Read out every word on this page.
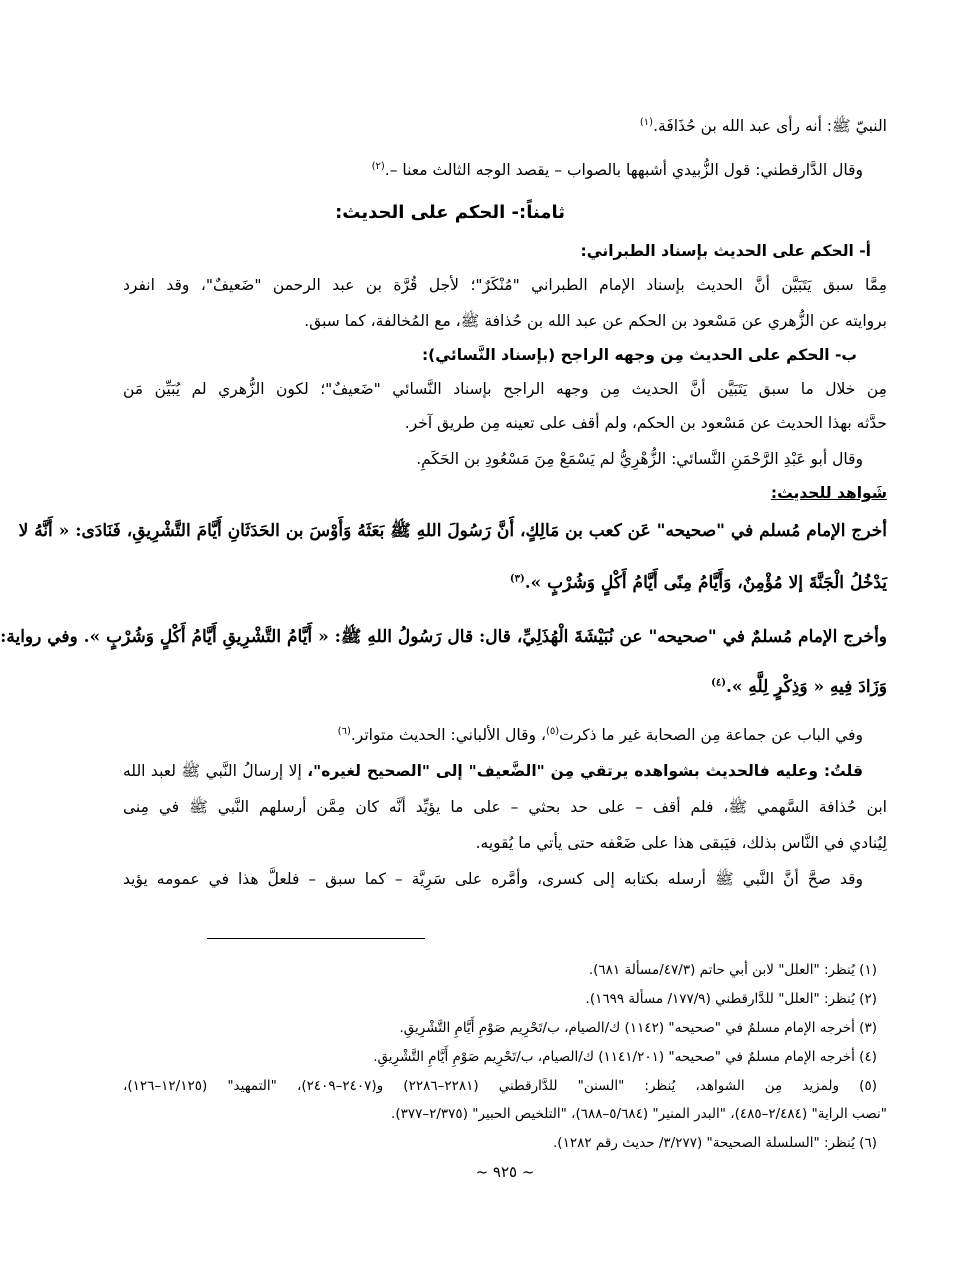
النبيّ ﷺ: أنه رأى عبد الله بن حُذَافَة.$^{(١)}$
وقال الدَّارقطني: قول الزُّبيدي أشبهها بالصواب – يقصد الوجه الثالث معنا –.$^{(٢)}$
ثامناً:- الحكم على الحديث:
أ- الحكم على الحديث بإسناد الطبراني:
مِمَّا سبق يَتَبَيَّن أنَّ الحديث بإسناد الإمام الطبراني "مُنْكَرٌ"؛ لأجل قُرَّة بن عبد الرحمن "ضَعيفٌ"، وقد انفرد
بروايته عن الزُّهري عن مَسْعود بن الحكم عن عبد الله بن حُذافة ﷺ، مع المُخالفة، كما سبق.
ب- الحكم على الحديث مِن وجهه الراجح (بإسناد النَّسائي):
مِن خلال ما سبق يَتَبَيَّن أنَّ الحديث مِن وجهه الراجح بإسناد النَّسائي "ضَعيفٌ"؛ لكون الزُّهري لم يُبَيِّن مَن
حدَّثه بهذا الحديث عن مَسْعود بن الحكم، ولم أقف على تعينه مِن طريق آخر.
وقال أبو عَبْدِ الرَّحْمَنِ النَّسائي: الزُّهْرِيُّ لم يَسْمَعْ مِنَ مَسْعُودِ بن الحَكَمِ.
شَواهد للحديث:
أخرج الإمام مُسلم في "صحيحه" عَن كعب بن مَالِكٍ، أَنَّ رَسُولَ اللهِ ﷺ بَعَثَهُ وَأَوْسَ بن الحَدَثَانِ أَيَّامَ التَّشْرِيقِ، فَنَادَى: « أَنَّهُ لا
يَدْخُلُ الْجَنَّةَ إلا مُؤْمِنٌ، وَأَيَّامُ مِنًى أَيَّامُ أَكْلٍ وَشُرْبٍ ».$^{(٣)}$
وأخرج الإمام مُسلمٌ في "صحيحه" عن نُبَيْشَةَ الْهُذَلِيِّ، قال: قال رَسُولُ اللهِ ﷺ: « أَيَّامُ التَّشْرِيقِ أَيَّامُ أَكْلٍ وَشُرْبٍ ». وفي رواية:
وَزَادَ فِيهِ « وَذِكْرٍ لِلَّهِ ».$^{(٤)}$
وفي الباب عن جماعة مِن الصحابة غير ما ذكرت$^{(٥)}$، وقال الألباني: الحديث متواتر.$^{(٦)}$
قلتُ: وعليه فالحديث بشواهده يرتقي مِن "الضَّعيف" إلى "الصحيح لغيره"، إلا إرسالُ النَّبي ﷺ لعبد الله
ابن حُذافة السَّهمي ﷺ، فلم أقف – على حد بحثي – على ما يؤيِّد أنَّه كان مِمَّن أرسلهم النَّبي ﷺ في مِنى
لِيُنادي في النَّاس بذلك، فيَبقى هذا على ضَعْفه حتى يأتي ما يُقويه.
وقد صحَّ أنَّ النَّبي ﷺ أرسله بكتابه إلى كسرى، وأمَّره على سَرِيَّة – كما سبق – فلعلَّ هذا في عمومه يؤيد
(١) يُنظر: "العلل" لابن أبي حاتم (٤٧/٣/مسألة ٦٨١).
(٢) يُنظر: "العلل" للدَّارقطني (١٧٧/٩/ مسألة ١٦٩٩).
(٣) أخرجه الإمام مسلمٌ في "صحيحه" (١١٤٢) ك/الصيام، ب/تَحْرِيم صَوْمِ أَيَّامِ التَّشْرِيقِ.
(٤) أخرجه الإمام مسلمٌ في "صحيحه" (١١٤١/٢٠١) ك/الصيام، ب/تَحْرِيم صَوْمِ أَيَّامِ التَّشْرِيقِ.
(٥) ولمزيد مِن الشواهد، يُنظر: "السنن" للدَّارقطني (٢٢٨١–٢٢٨٦) و(٢٤٠٧–٢٤٠٩)، "التمهيد" (١٢/١٢٥–١٢٦)،
"نصب الراية" (٢/٤٨٤–٤٨٥)، "البدر المنير" (٥/٦٨٤–٦٨٨)، "التلخيص الحبير" (٢/٣٧٥–٣٧٧).
(٦) يُنظر: "السلسلة الصحيحة" (٣/٢٧٧/ حديث رقم ١٢٨٢).
~ ٩٢٥ ~
